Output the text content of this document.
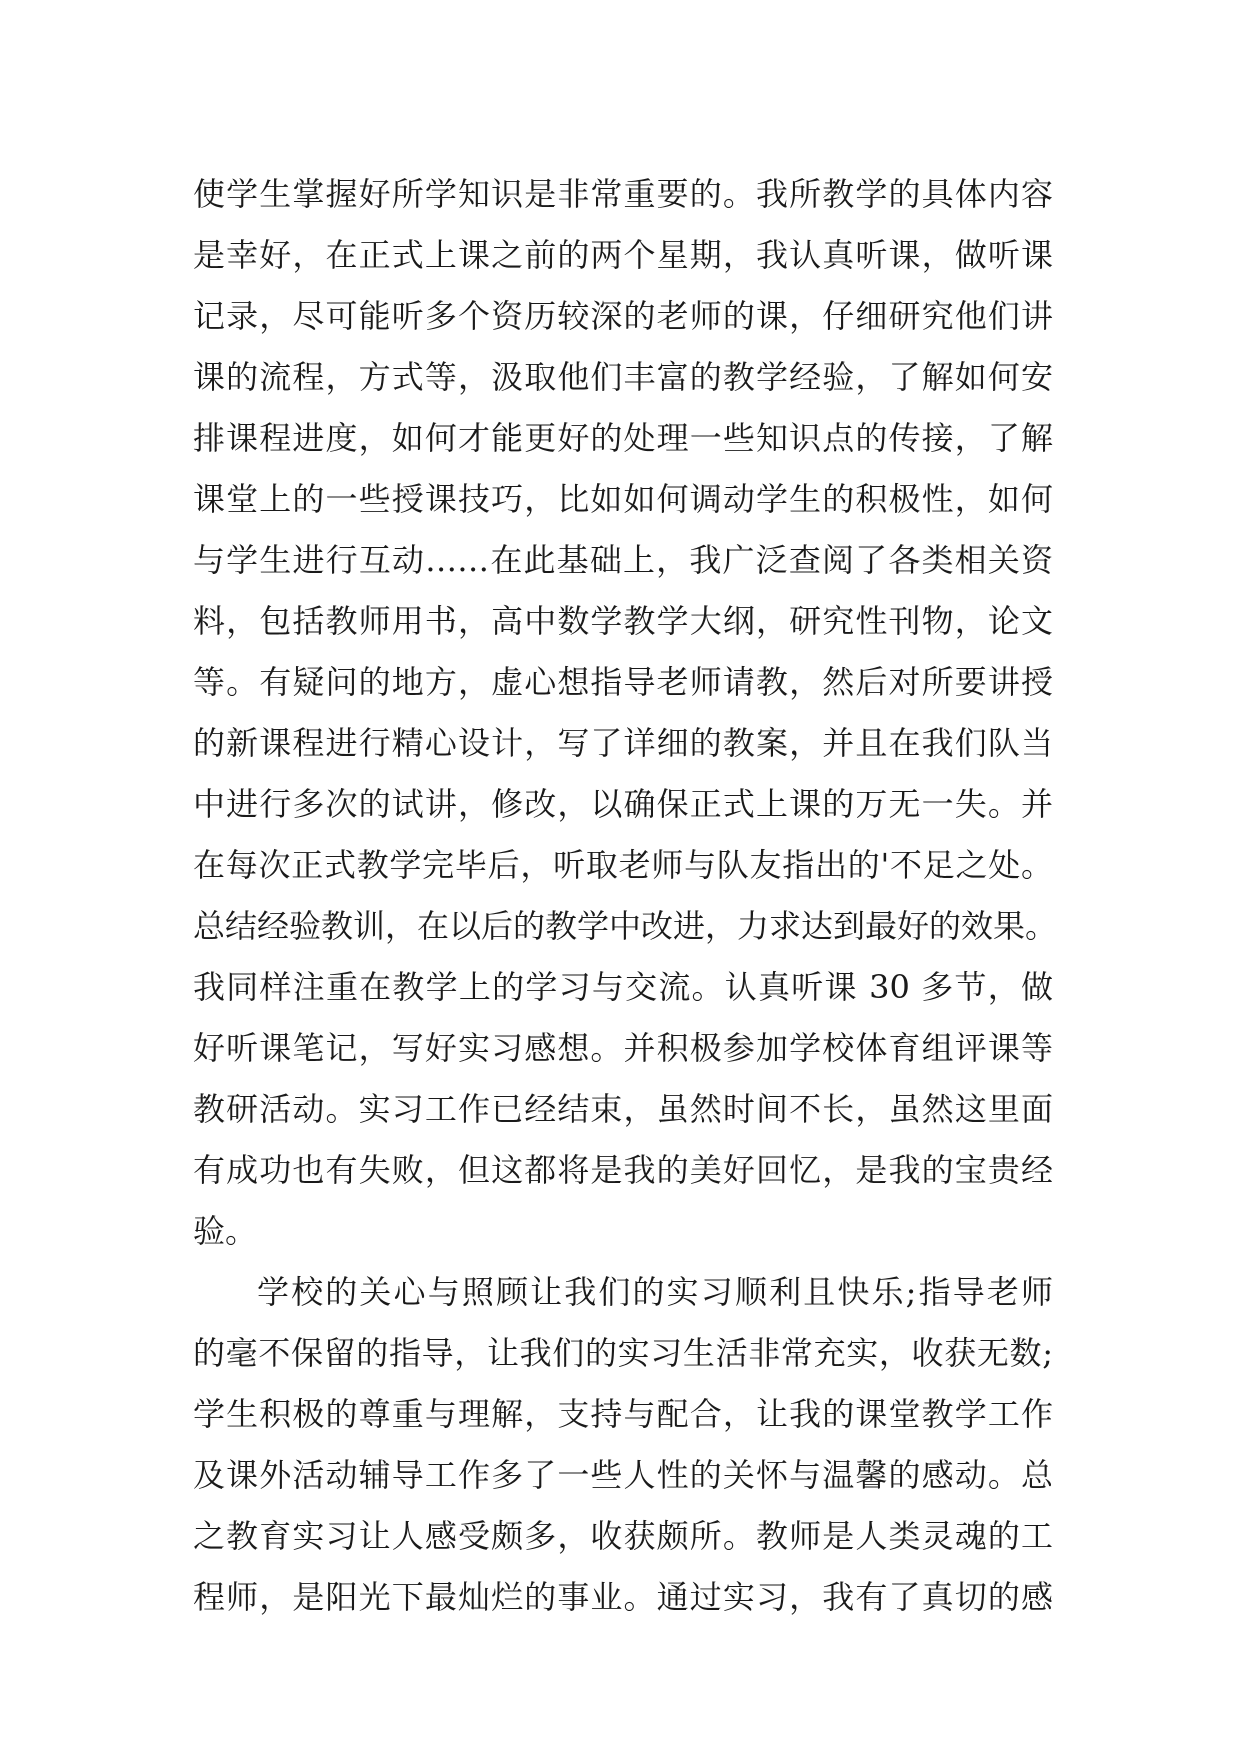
使学生掌握好所学知识是非常重要的。我所教学的具体内容
是幸好，在正式上课之前的两个星期，我认真听课，做听课
记录，尽可能听多个资历较深的老师的课，仔细研究他们讲
课的流程，方式等，汲取他们丰富的教学经验，了解如何安
排课程进度，如何才能更好的处理一些知识点的传接，了解
课堂上的一些授课技巧，比如如何调动学生的积极性，如何
与学生进行互动……在此基础上，我广泛查阅了各类相关资
料，包括教师用书，高中数学教学大纲，研究性刊物，论文
等。有疑问的地方，虚心想指导老师请教，然后对所要讲授
的新课程进行精心设计，写了详细的教案，并且在我们队当
中进行多次的试讲，修改，以确保正式上课的万无一失。并
在每次正式教学完毕后，听取老师与队友指出的'不足之处。
总结经验教训，在以后的教学中改进，力求达到最好的效果。
我同样注重在教学上的学习与交流。认真听课 30 多节，做
好听课笔记，写好实习感想。并积极参加学校体育组评课等
教研活动。实习工作已经结束，虽然时间不长，虽然这里面
有成功也有失败，但这都将是我的美好回忆，是我的宝贵经
验。
学校的关心与照顾让我们的实习顺利且快乐;指导老师
的毫不保留的指导，让我们的实习生活非常充实，收获无数;
学生积极的尊重与理解，支持与配合，让我的课堂教学工作
及课外活动辅导工作多了一些人性的关怀与温馨的感动。总
之教育实习让人感受颇多，收获颇所。教师是人类灵魂的工
程师，是阳光下最灿烂的事业。通过实习，我有了真切的感
